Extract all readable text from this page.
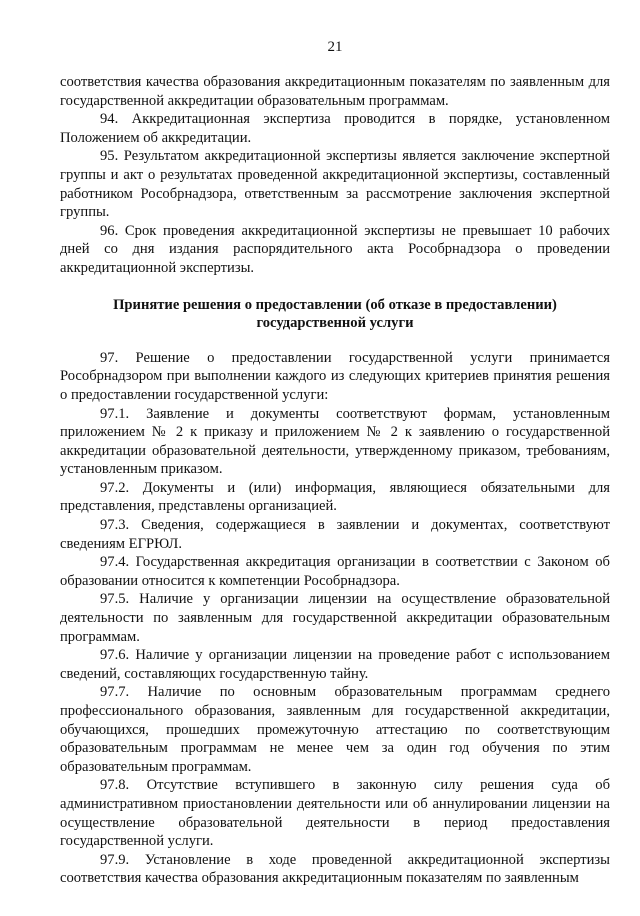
21

соответствия качества образования аккредитационным показателям по заявленным для государственной аккредитации образовательным программам.

94. Аккредитационная экспертиза проводится в порядке, установленном Положением об аккредитации.

95. Результатом аккредитационной экспертизы является заключение экспертной группы и акт о результатах проведенной аккредитационной экспертизы, составленный работником Рособрнадзора, ответственным за рассмотрение заключения экспертной группы.

96. Срок проведения аккредитационной экспертизы не превышает 10 рабочих дней со дня издания распорядительного акта Рособрнадзора о проведении аккредитационной экспертизы.

Принятие решения о предоставлении (об отказе в предоставлении) государственной услуги

97. Решение о предоставлении государственной услуги принимается Рособрнадзором при выполнении каждого из следующих критериев принятия решения о предоставлении государственной услуги:

97.1. Заявление и документы соответствуют формам, установленным приложением № 2 к приказу и приложением № 2 к заявлению о государственной аккредитации образовательной деятельности, утвержденному приказом, требованиям, установленным приказом.

97.2. Документы и (или) информация, являющиеся обязательными для представления, представлены организацией.

97.3. Сведения, содержащиеся в заявлении и документах, соответствуют сведениям ЕГРЮЛ.

97.4. Государственная аккредитация организации в соответствии с Законом об образовании относится к компетенции Рособрнадзора.

97.5. Наличие у организации лицензии на осуществление образовательной деятельности по заявленным для государственной аккредитации образовательным программам.

97.6. Наличие у организации лицензии на проведение работ с использованием сведений, составляющих государственную тайну.

97.7. Наличие по основным образовательным программам среднего профессионального образования, заявленным для государственной аккредитации, обучающихся, прошедших промежуточную аттестацию по соответствующим образовательным программам не менее чем за один год обучения по этим образовательным программам.

97.8. Отсутствие вступившего в законную силу решения суда об административном приостановлении деятельности или об аннулировании лицензии на осуществление образовательной деятельности в период предоставления государственной услуги.

97.9. Установление в ходе проведенной аккредитационной экспертизы соответствия качества образования аккредитационным показателям по заявленным
